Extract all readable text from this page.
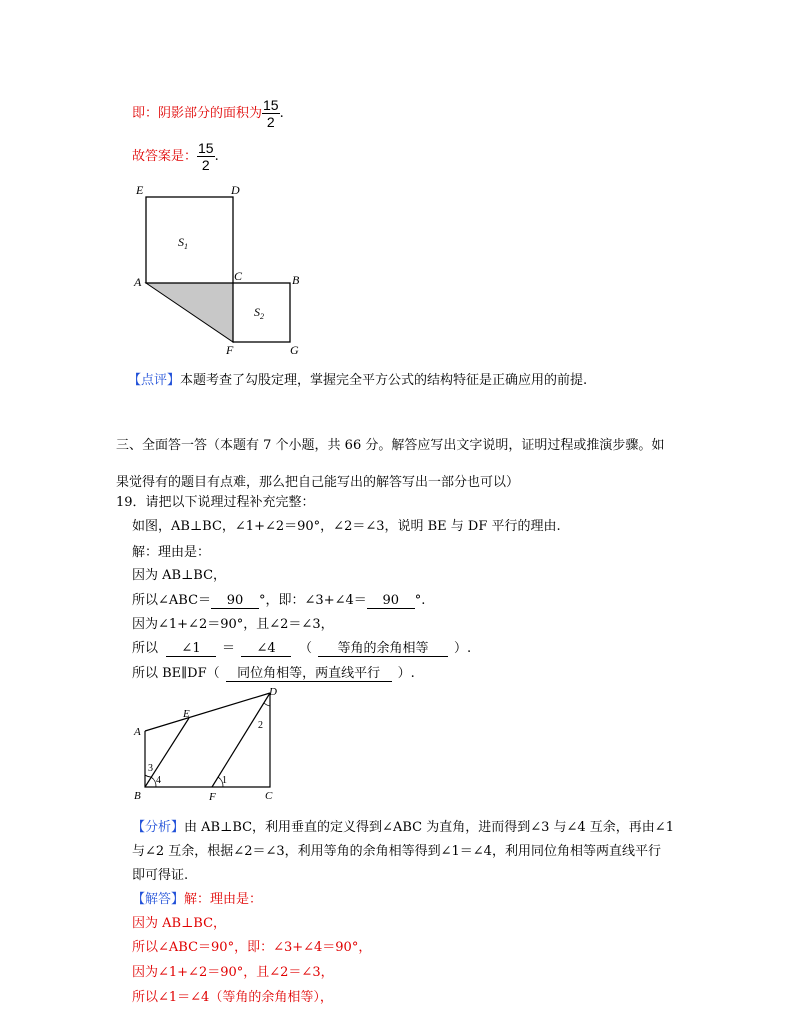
即：阴影部分的面积为 $\frac{15}{2}$ .
故答案是： $\frac{15}{2}$ .
E	D
A	C	B
F	G
$S_1$
$S_2$
【点评】本题考查了勾股定理，掌握完全平方公式的结构特征是正确应用的前提.
三、全面答一答（本题有 7 个小题，共 66 分。解答应写出文字说明，证明过程或推演步骤。如
果觉得有的题目有点难，那么把自己能写出的解答写出一部分也可以）
19．请把以下说理过程补充完整：
如图，AB⊥BC，∠1+∠2＝90°，∠2＝∠3，说明 BE 与 DF 平行的理由.
解：理由是：
因为 AB⊥BC，
所以∠ABC＝ 90 °，即：∠3+∠4＝ 90 °.
因为∠1+∠2＝90°，且∠2＝∠3，
所以 ∠1 ＝ ∠4 （ 等角的余角相等 ）.
所以 BE∥DF（ 同位角相等，两直线平行 ）.
D
E
A
B	F	C
1
2
3
4
【分析】由 AB⊥BC，利用垂直的定义得到∠ABC 为直角，进而得到∠3 与∠4 互余，再由∠1
与∠2 互余，根据∠2＝∠3，利用等角的余角相等得到∠1＝∠4，利用同位角相等两直线平行
即可得证.
【解答】解：理由是：
因为 AB⊥BC，
所以∠ABC＝90°，即：∠3+∠4＝90°，
因为∠1+∠2＝90°，且∠2＝∠3，
所以∠1＝∠4（等角的余角相等），
